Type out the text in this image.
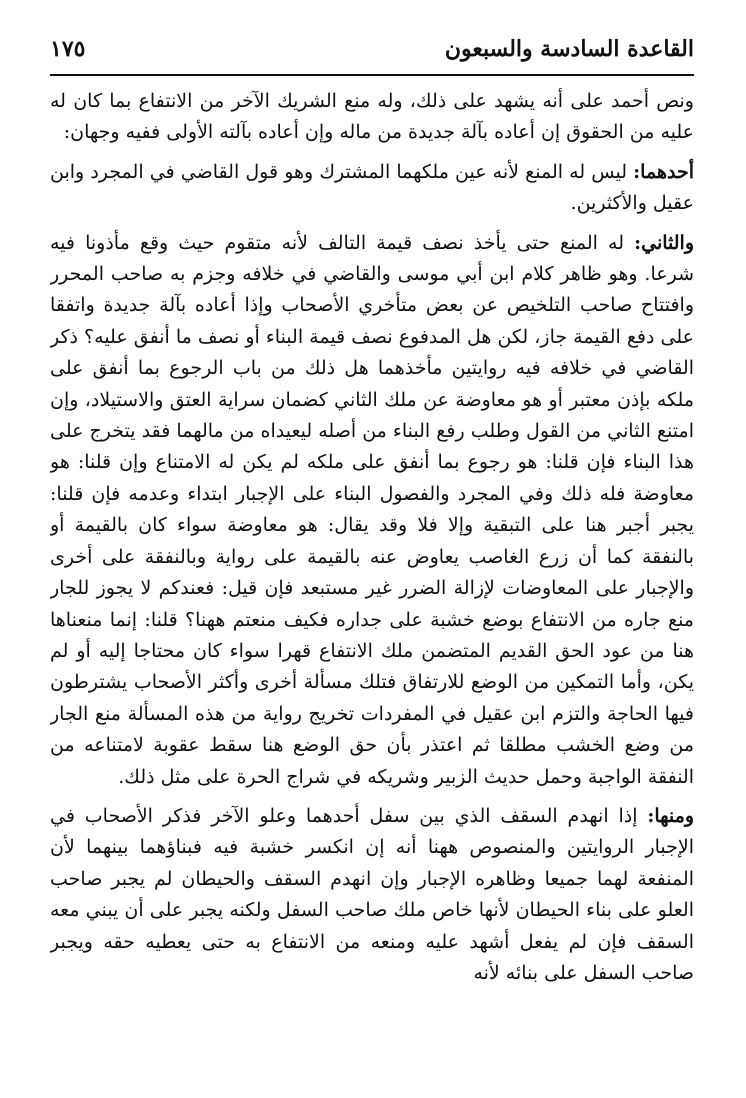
القاعدة السادسة والسبعون
١٧٥

ونص أحمد على أنه يشهد على ذلك، وله منع الشريك الآخر من الانتفاع بما كان له عليه من الحقوق إن أعاده بآلة جديدة من ماله وإن أعاده بآلته الأولى ففيه وجهان:

أحدهما: ليس له المنع لأنه عين ملكهما المشترك وهو قول القاضي في المجرد وابن عقيل والأكثرين.

والثاني: له المنع حتى يأخذ نصف قيمة التالف لأنه متقوم حيث وقع مأذونا فيه شرعا. وهو ظاهر كلام ابن أبي موسى والقاضي في خلافه وجزم به صاحب المحرر وافتتاح صاحب التلخيص عن بعض متأخري الأصحاب وإذا أعاده بآلة جديدة واتفقا على دفع القيمة جاز، لكن هل المدفوع نصف قيمة البناء أو نصف ما أنفق عليه؟ ذكر القاضي في خلافه فيه روايتين مأخذهما هل ذلك من باب الرجوع بما أنفق على ملكه بإذن معتبر أو هو معاوضة عن ملك الثاني كضمان سراية العتق والاستيلاد، وإن امتنع الثاني من القول وطلب رفع البناء من أصله ليعيداه من مالهما فقد يتخرج على هذا البناء فإن قلنا: هو رجوع بما أنفق على ملكه لم يكن له الامتناع وإن قلنا: هو معاوضة فله ذلك وفي المجرد والفصول البناء على الإجبار ابتداء وعدمه فإن قلنا: يجبر أجبر هنا على التبقية وإلا فلا وقد يقال: هو معاوضة سواء كان بالقيمة أو بالنفقة كما أن زرع الغاصب يعاوض عنه بالقيمة على رواية وبالنفقة على أخرى والإجبار على المعاوضات لإزالة الضرر غير مستبعد فإن قيل: فعندكم لا يجوز للجار منع جاره من الانتفاع بوضع خشبة على جداره فكيف منعتم ههنا؟ قلنا: إنما منعناها هنا من عود الحق القديم المتضمن ملك الانتفاع قهرا سواء كان محتاجا إليه أو لم يكن، وأما التمكين من الوضع للارتفاق فتلك مسألة أخرى وأكثر الأصحاب يشترطون فيها الحاجة والتزم ابن عقيل في المفردات تخريج رواية من هذه المسألة منع الجار من وضع الخشب مطلقا ثم اعتذر بأن حق الوضع هنا سقط عقوبة لامتناعه من النفقة الواجبة وحمل حديث الزبير وشريكه في شراج الحرة على مثل ذلك.

ومنها: إذا انهدم السقف الذي بين سفل أحدهما وعلو الآخر فذكر الأصحاب في الإجبار الروايتين والمنصوص ههنا أنه إن انكسر خشبة فيه فبناؤهما بينهما لأن المنفعة لهما جميعا وظاهره الإجبار وإن انهدم السقف والحيطان لم يجبر صاحب العلو على بناء الحيطان لأنها خاص ملك صاحب السفل ولكنه يجبر على أن يبني معه السقف فإن لم يفعل أشهد عليه ومنعه من الانتفاع به حتى يعطيه حقه ويجبر صاحب السفل على بنائه لأنه
